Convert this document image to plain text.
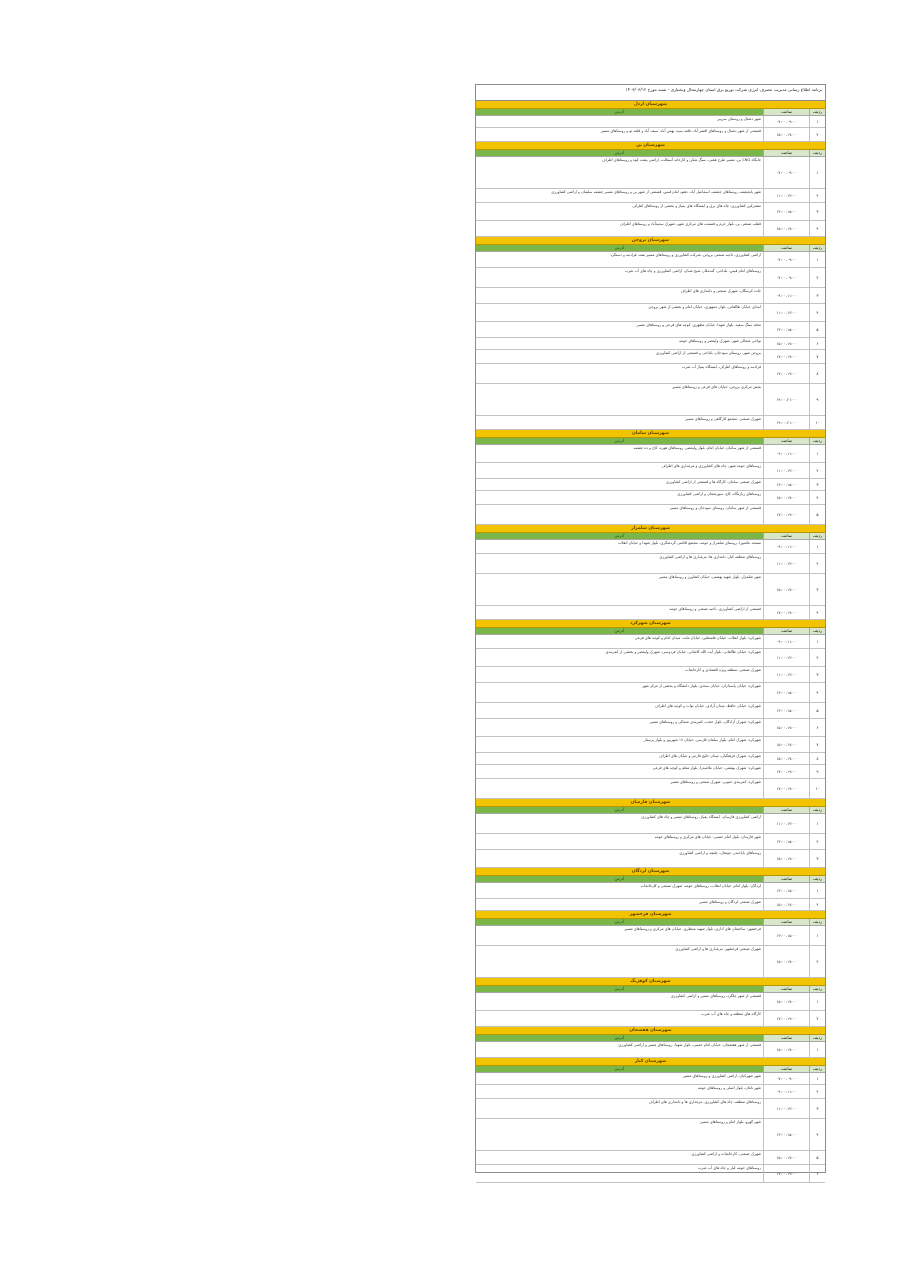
برنامه اطلاع رسانی مدیریت مصرف انرژی شرکت توزیع برق استان چهارمحال وبختیاری - شنبه مورخ ۱۴۰۳/۰۳/۱۲
شهرستان اردل
ردیف
ساعت
آدرس
۱
۰۷:۰۰-۰۹:۰۰
شهر دشتک و روستای سرپیر
۲
۱۵:۰۰-۱۷:۰۰
قسمتی از شهر دشتک و روستاهای اقسر آباد، قلعه سید، بهمن آباد، سیف آباد و قلعه نو و روستاهای مسیر
شهرستان بن
ردیف
ساعت
آدرس
۱
۰۷:۰۰-۰۹:۰۰
جایگاه CNG بن، مسیر طرح همتی، سنگ شکن و کارخانه آسفالت، اراضی پشت کوه و روستاهای اطراف
۲
۱۱:۰۰-۱۳:۰۰
شهر یانچشمه، روستاهای چشمه، اسماعیل آباد، دهنو، امام قیس، قسمتی از شهر بن و روستاهای مسیر چشمه سلیمان و اراضی کشاورزی
۳
۱۳:۰۰-۱۵:۰۰
مشترکین کشاورزی، چاه های برق و ایستگاه های پمپاژ و بخشی از روستاهای اطراف
۴
۱۵:۰۰-۱۷:۰۰
قطب صنعتی بن، بلوار حرم و قسمت های مرکزی شهر، شهرک سعیدآباد و روستاهای اطراف
شهرستان بروجن
ردیف
ساعت
آدرس
۱
۰۷:۰۰-۰۹:۰۰
اراضی کشاورزی، ناحیه صنعتی بروجن، شرکت کشاورزی و روستاهای مسیر نقنه، فرادنبه و دستگرد
۲
۰۷:۰۰-۰۹:۰۰
روستاهای امام قیس، بلداجی، گندمکار، شیخ شبان، اراضی کشاورزی و چاه های آب شرب
۳
۰۹:۰۰-۱۱:۰۰
جاده کرسگان، شهرک صنعتی و دامداری های اطراف
۴
۱۱:۰۰-۱۳:۰۰
ابتدای خیابان طالقانی، بلوار جمهوری، خیابان امام و بخشی از شهر بروجن
۵
۱۳:۰۰-۱۵:۰۰
محله سنگ سفید، بلوار شهدا، خیابان مطهری، کوچه های فرعی و روستاهای مسیر
۶
۱۵:۰۰-۱۷:۰۰
نواحی شمالی شهر، شهرک ولیعصر و روستاهای حومه
۷
۱۷:۰۰-۱۹:۰۰
بروجن شهر، روستای سودجان، بلداجی و قسمتی از اراضی کشاورزی
۸
۱۷:۰۰-۱۹:۰۰
فرادنبه و روستاهای اطراف، ایستگاه پمپاژ آب شرب
۹
۱۹:۰۰-۲۱:۰۰
بخش مرکزی بروجن، خیابان های فرعی و روستاهای مسیر
۱۰
۱۹:۰۰-۲۱:۰۰
شهرک صنعتی، مجتمع کارگاهی و روستاهای مسیر
شهرستان سامان
ردیف
ساعت
آدرس
۱
۰۹:۰۰-۱۱:۰۰
قسمتی از شهر سامان، خیابان امام، بلوار ولیعصر، روستاهای هوره، کاج و ده چشمه
۲
۱۱:۰۰-۱۳:۰۰
روستاهای حومه شهر، چاه های کشاورزی و مرغداری های اطراف
۳
۱۳:۰۰-۱۵:۰۰
شهرک صنعتی سامان، کارگاه ها و قسمتی از اراضی کشاورزی
۴
۱۵:۰۰-۱۷:۰۰
روستاهای زیارتگاه، کاج، سورشجان و اراضی کشاورزی
۵
۱۷:۰۰-۱۹:۰۰
قسمتی از شهر سامان، روستای سودجان و روستاهای مسیر
شهرستان شلمزار
ردیف
ساعت
آدرس
۱
۰۹:۰۰-۱۱:۰۰
مسجد عاشورا، روستای شلمزار و حومه، مجتمع اقامتی گردشگری، بلوار شهدا و خیابان انقلاب
۲
۱۱:۰۰-۱۳:۰۰
روستاهای منطقه کیار، دامداری ها، مرغداری ها و اراضی کشاورزی
۳
۱۵:۰۰-۱۷:۰۰
شهر شلمزار، بلوار شهید بهشتی، خیابان کشاورز و روستاهای مسیر
۴
۱۷:۰۰-۱۹:۰۰
قسمتی از اراضی کشاورزی، ناحیه صنعتی و روستاهای حومه
شهرستان شهرکرد
ردیف
ساعت
آدرس
۱
۰۹:۰۰-۱۱:۰۰
شهرکرد: بلوار انقلاب، خیابان فلسطین، خیابان ملت، میدان امام و کوچه های فرعی
۲
۱۱:۰۰-۱۳:۰۰
شهرکرد: خیابان طالقانی، بلوار آیت الله کاشانی، خیابان فردوسی، شهرک ولیعصر و بخشی از کمربندی
۳
۱۱:۰۰-۱۳:۰۰
شهرک صنعتی، منطقه ویژه اقتصادی و کارخانجات
۴
۱۳:۰۰-۱۵:۰۰
شهرکرد: خیابان پاسداران، خیابان سعدی، بلوار دانشگاه و بخشی از مرکز شهر
۵
۱۳:۰۰-۱۵:۰۰
شهرکرد: خیابان حافظ، میدان آزادی، خیابان نواب و کوچه های اطراف
۶
۱۵:۰۰-۱۷:۰۰
شهرکرد: شهرک آزادگان، بلوار حجت، کمربندی شمالی و روستاهای مسیر
۷
۱۵:۰۰-۱۷:۰۰
شهرکرد: شهرک امام، بلوار سلمان فارسی، خیابان ۱۷ شهریور و بلوار پرستار
۸
۱۵:۰۰-۱۷:۰۰
شهرکرد: شهرک فرهنگیان، میدان خلیج فارس و خیابان های اطراف
۹
۱۷:۰۰-۱۹:۰۰
شهرکرد: شهرک بهشتی، خیابان ملاصدرا، بلوار معلم و کوچه های فرعی
۱۰
۱۷:۰۰-۱۹:۰۰
شهرکرد: کمربندی جنوبی، شهرک صنعتی و روستاهای مسیر
شهرستان فارسان
ردیف
ساعت
آدرس
۱
۱۱:۰۰-۱۳:۰۰
اراضی کشاورزی فارسان، ایستگاه پمپاژ، روستاهای مسیر و چاه های کشاورزی
۲
۱۳:۰۰-۱۵:۰۰
شهر فارسان، بلوار امام خمینی، خیابان های مرکزی و روستاهای حومه
۳
۱۵:۰۰-۱۷:۰۰
روستاهای باباحیدر، جونقان، چلیچه و اراضی کشاورزی
شهرستان لردگان
ردیف
ساعت
آدرس
۱
۱۳:۰۰-۱۵:۰۰
لردگان: بلوار امام، خیابان انقلاب، روستاهای حومه، شهرک صنعتی و کارخانجات
۲
۱۵:۰۰-۱۷:۰۰
شهرک صنعتی لردگان و روستاهای مسیر
شهرستان فرخشهر
ردیف
ساعت
آدرس
۱
۱۳:۰۰-۱۵:۰۰
فرخشهر: ساختمان های اداری، بلوار شهید منتظری، خیابان های مرکزی و روستاهای مسیر
۲
۱۵:۰۰-۱۷:۰۰
شهرک صنعتی فرخشهر، مرغداری ها و اراضی کشاورزی
شهرستان کوهرنگ
ردیف
ساعت
آدرس
۱
۱۵:۰۰-۱۷:۰۰
قسمتی از شهر چلگرد، روستاهای مسیر و اراضی کشاورزی
۲
۱۷:۰۰-۱۹:۰۰
کارگاه های منطقه و چاه های آب شرب
شهرستان هفشجان
ردیف
ساعت
آدرس
۱
۱۵:۰۰-۱۷:۰۰
قسمتی از شهر هفشجان، خیابان امام خمینی، بلوار شهدا، روستاهای مسیر و اراضی کشاورزی
شهرستان کیار
ردیف
ساعت
آدرس
۱
۰۷:۰۰-۰۹:۰۰
شهر شهرکیان، اراضی کشاورزی و روستاهای مسیر
۲
۰۹:۰۰-۱۱:۰۰
شهر ناغان، بلوار اصلی و روستاهای حومه
۳
۱۱:۰۰-۱۳:۰۰
روستاهای منطقه، چاه های کشاورزی، مرغداری ها و دامداری های اطراف
۴
۱۳:۰۰-۱۵:۰۰
شهر گهرو، بلوار امام و روستاهای مسیر
۵
۱۵:۰۰-۱۷:۰۰
شهرک صنعتی، کارخانجات و اراضی کشاورزی
۶
۱۷:۰۰-۱۹:۰۰
روستاهای حومه کیار و چاه های آب شرب
